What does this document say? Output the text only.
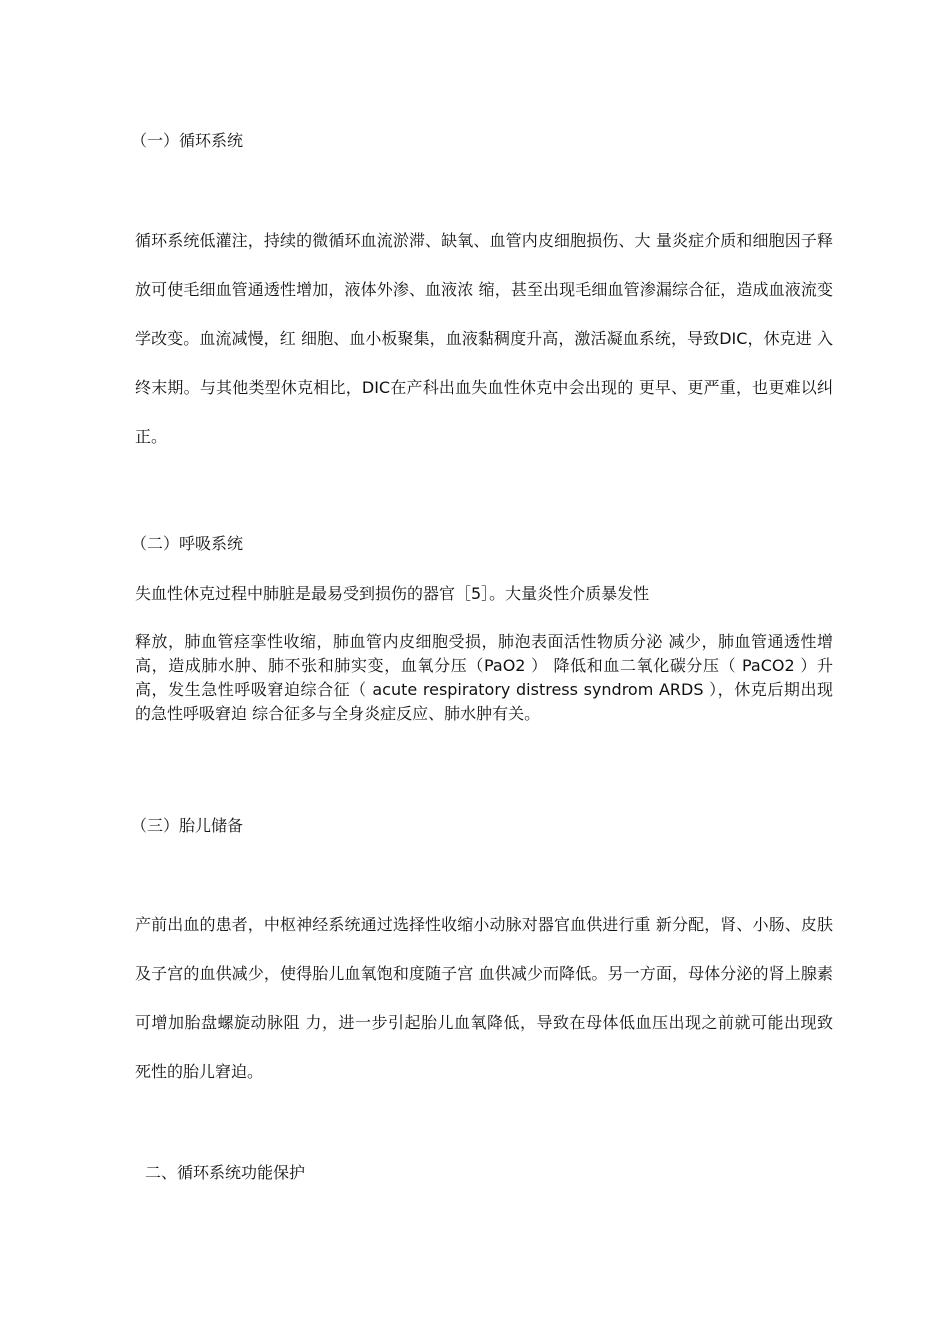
（一）循环系统
循环系统低灌注，持续的微循环血流淤滞、缺氧、血管内皮细胞损伤、大 量炎症介质和细胞因子释放可使毛细血管通透性增加，液体外渗、血液浓 缩，甚至出现毛细血管渗漏综合征，造成血液流变学改变。血流减慢，红 细胞、血小板聚集，血液黏稠度升高，激活凝血系统，导致DIC，休克进 入终末期。与其他类型休克相比，DIC在产科出血失血性休克中会出现的 更早、更严重，也更难以纠正。
（二）呼吸系统
失血性休克过程中肺脏是最易受到损伤的器官［5］。大量炎性介质暴发性
释放，肺血管痉挛性收缩，肺血管内皮细胞受损，肺泡表面活性物质分泌 减少，肺血管通透性增高，造成肺水肿、肺不张和肺实变，血氧分压（PaO2 ） 降低和血二氧化碳分压（ PaCO2 ）升高，发生急性呼吸窘迫综合征（ acute respiratory distress syndrom ARDS ），休克后期出现的急性呼吸窘迫 综合征多与全身炎症反应、肺水肿有关。
（三）胎儿储备
产前出血的患者，中枢神经系统通过选择性收缩小动脉对器官血供进行重 新分配，肾、小肠、皮肤及子宫的血供减少，使得胎儿血氧饱和度随子宫 血供减少而降低。另一方面，母体分泌的肾上腺素可增加胎盘螺旋动脉阻 力，进一步引起胎儿血氧降低，导致在母体低血压出现之前就可能出现致 死性的胎儿窘迫。
二、循环系统功能保护
